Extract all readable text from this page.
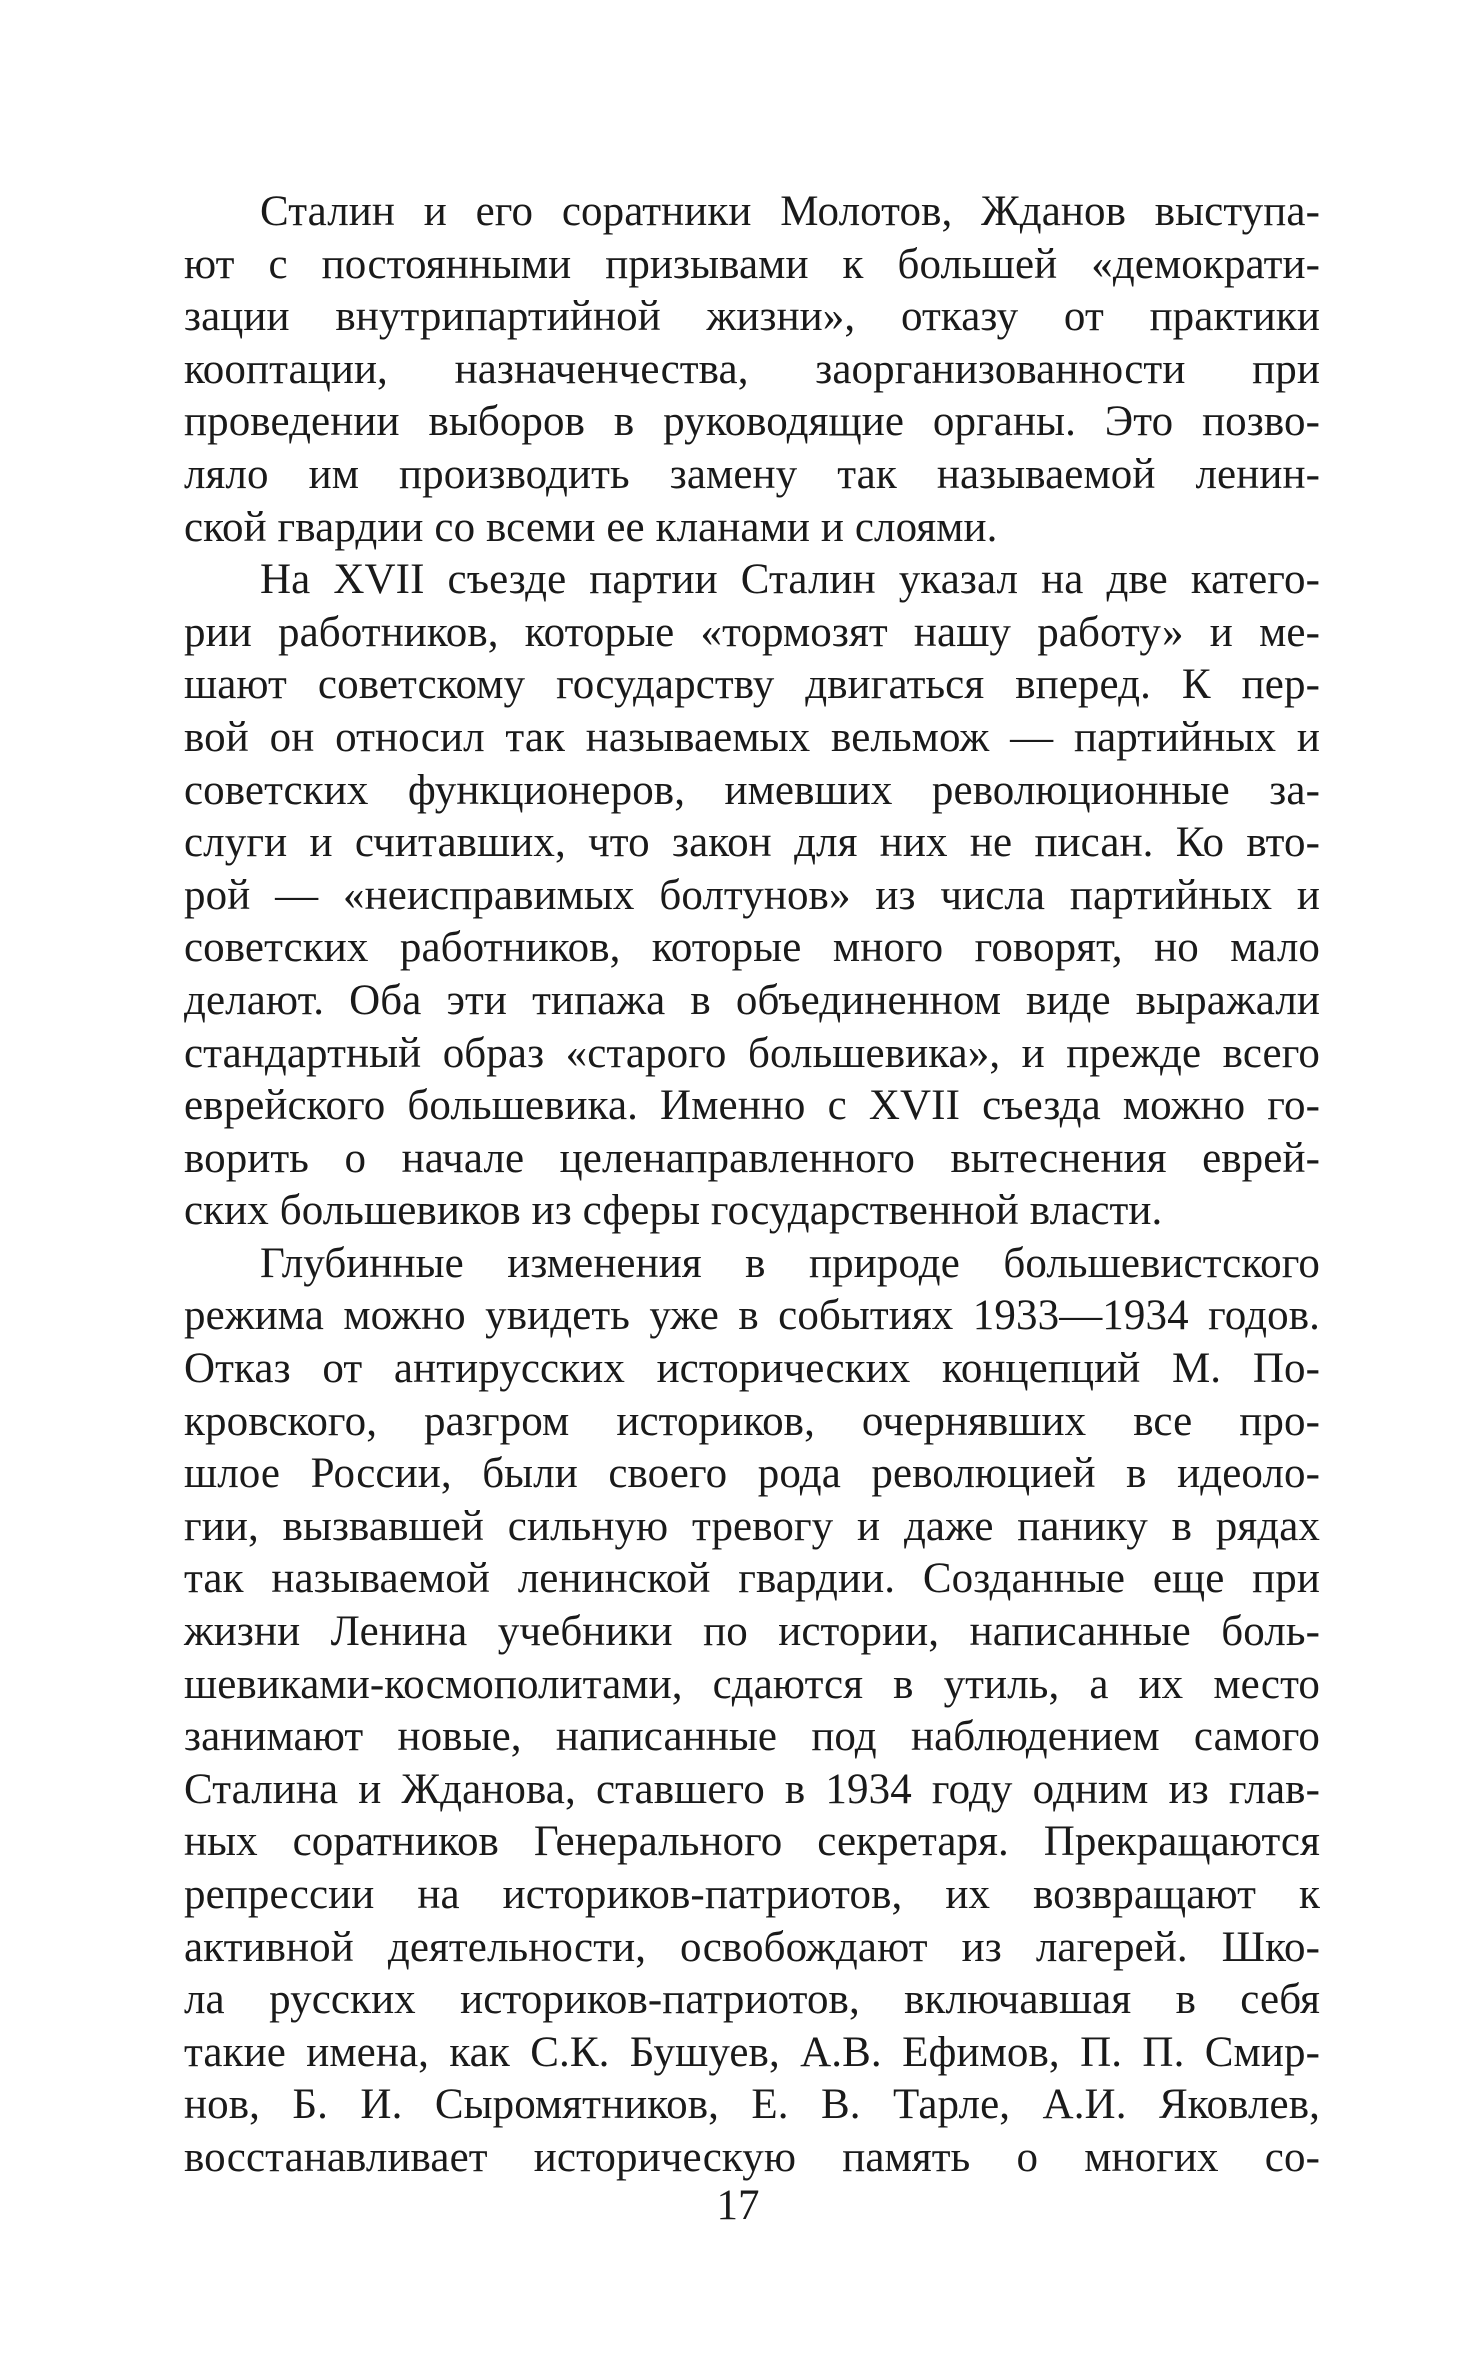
Сталин и его соратники Молотов, Жданов выступа-
ют с постоянными призывами к большей «демократи-
зации внутрипартийной жизни», отказу от практики
кооптации, назначенчества, заорганизованности при
проведении выборов в руководящие органы. Это позво-
ляло им производить замену так называемой ленин-
ской гвардии со всеми ее кланами и слоями.
На XVII съезде партии Сталин указал на две катего-
рии работников, которые «тормозят нашу работу» и ме-
шают советскому государству двигаться вперед. К пер-
вой он относил так называемых вельмож — партийных и
советских функционеров, имевших революционные за-
слуги и считавших, что закон для них не писан. Ко вто-
рой — «неисправимых болтунов» из числа партийных и
советских работников, которые много говорят, но мало
делают. Оба эти типажа в объединенном виде выражали
стандартный образ «старого большевика», и прежде всего
еврейского большевика. Именно с XVII съезда можно го-
ворить о начале целенаправленного вытеснения еврей-
ских большевиков из сферы государственной власти.
Глубинные изменения в природе большевистского
режима можно увидеть уже в событиях 1933—1934 годов.
Отказ от антирусских исторических концепций М. По-
кровского, разгром историков, очернявших все про-
шлое России, были своего рода революцией в идеоло-
гии, вызвавшей сильную тревогу и даже панику в рядах
так называемой ленинской гвардии. Созданные еще при
жизни Ленина учебники по истории, написанные боль-
шевиками-космополитами, сдаются в утиль, а их место
занимают новые, написанные под наблюдением самого
Сталина и Жданова, ставшего в 1934 году одним из глав-
ных соратников Генерального секретаря. Прекращаются
репрессии на историков-патриотов, их возвращают к
активной деятельности, освобождают из лагерей. Шко-
ла русских историков-патриотов, включавшая в себя
такие имена, как С.К. Бушуев, А.В. Ефимов, П. П. Смир-
нов, Б. И. Сыромятников, Е. В. Тарле, А.И. Яковлев,
восстанавливает историческую память о многих со-
17
